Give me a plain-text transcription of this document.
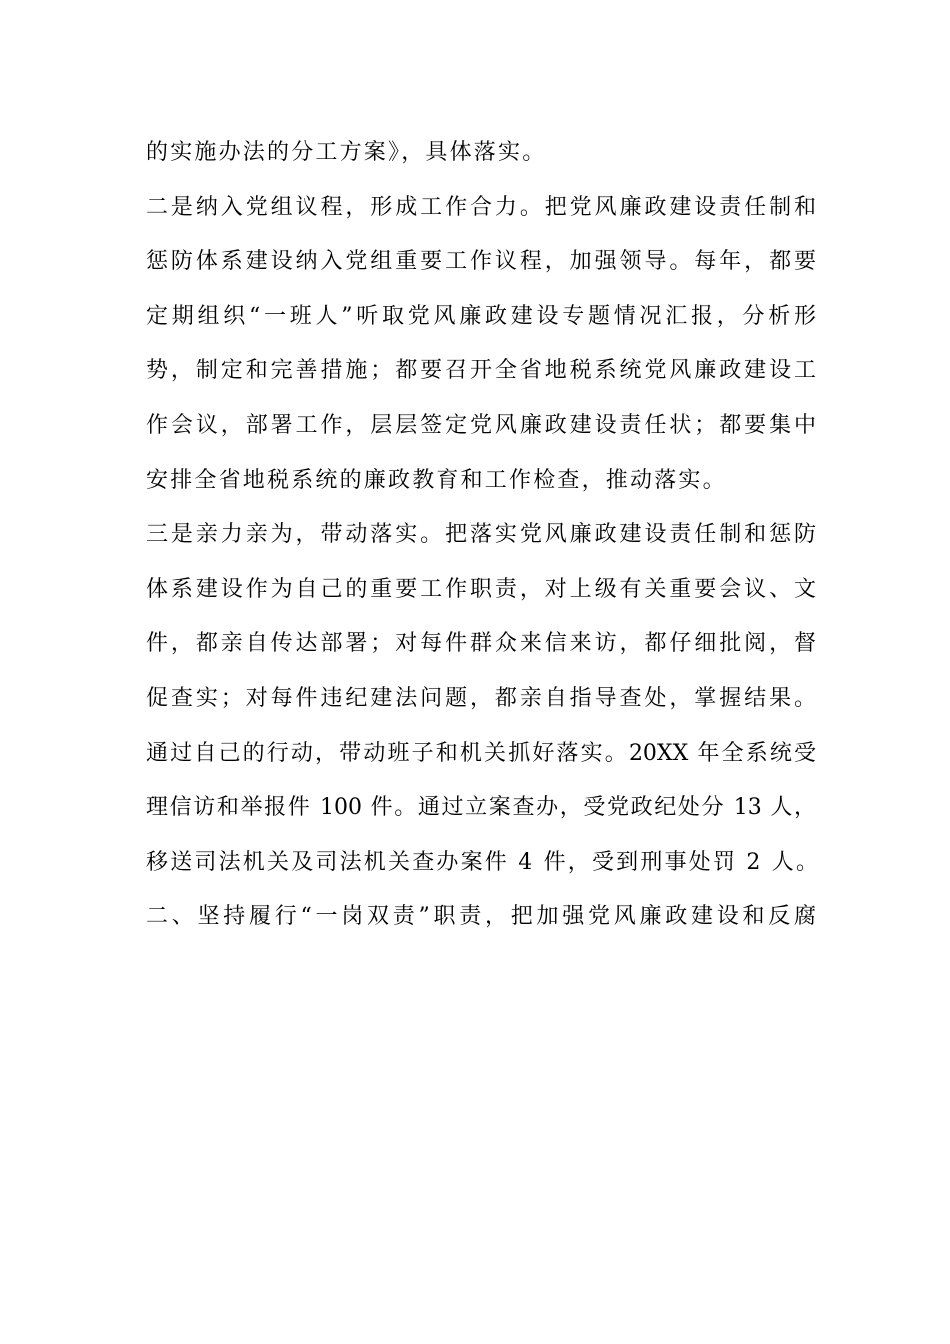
的实施办法的分工方案》，具体落实。
二是纳入党组议程，形成工作合力。把党风廉政建设责任制和
惩防体系建设纳入党组重要工作议程，加强领导。每年，都要
定期组织“一班人”听取党风廉政建设专题情况汇报，分析形
势，制定和完善措施；都要召开全省地税系统党风廉政建设工
作会议，部署工作，层层签定党风廉政建设责任状；都要集中
安排全省地税系统的廉政教育和工作检查，推动落实。
三是亲力亲为，带动落实。把落实党风廉政建设责任制和惩防
体系建设作为自己的重要工作职责，对上级有关重要会议、文
件，都亲自传达部署；对每件群众来信来访，都仔细批阅，督
促查实；对每件违纪建法问题，都亲自指导查处，掌握结果。
通过自己的行动，带动班子和机关抓好落实。20XX 年全系统受
理信访和举报件 100 件。通过立案查办，受党政纪处分 13 人，
移送司法机关及司法机关查办案件 4 件，受到刑事处罚 2 人。
二、坚持履行“一岗双责”职责，把加强党风廉政建设和反腐
